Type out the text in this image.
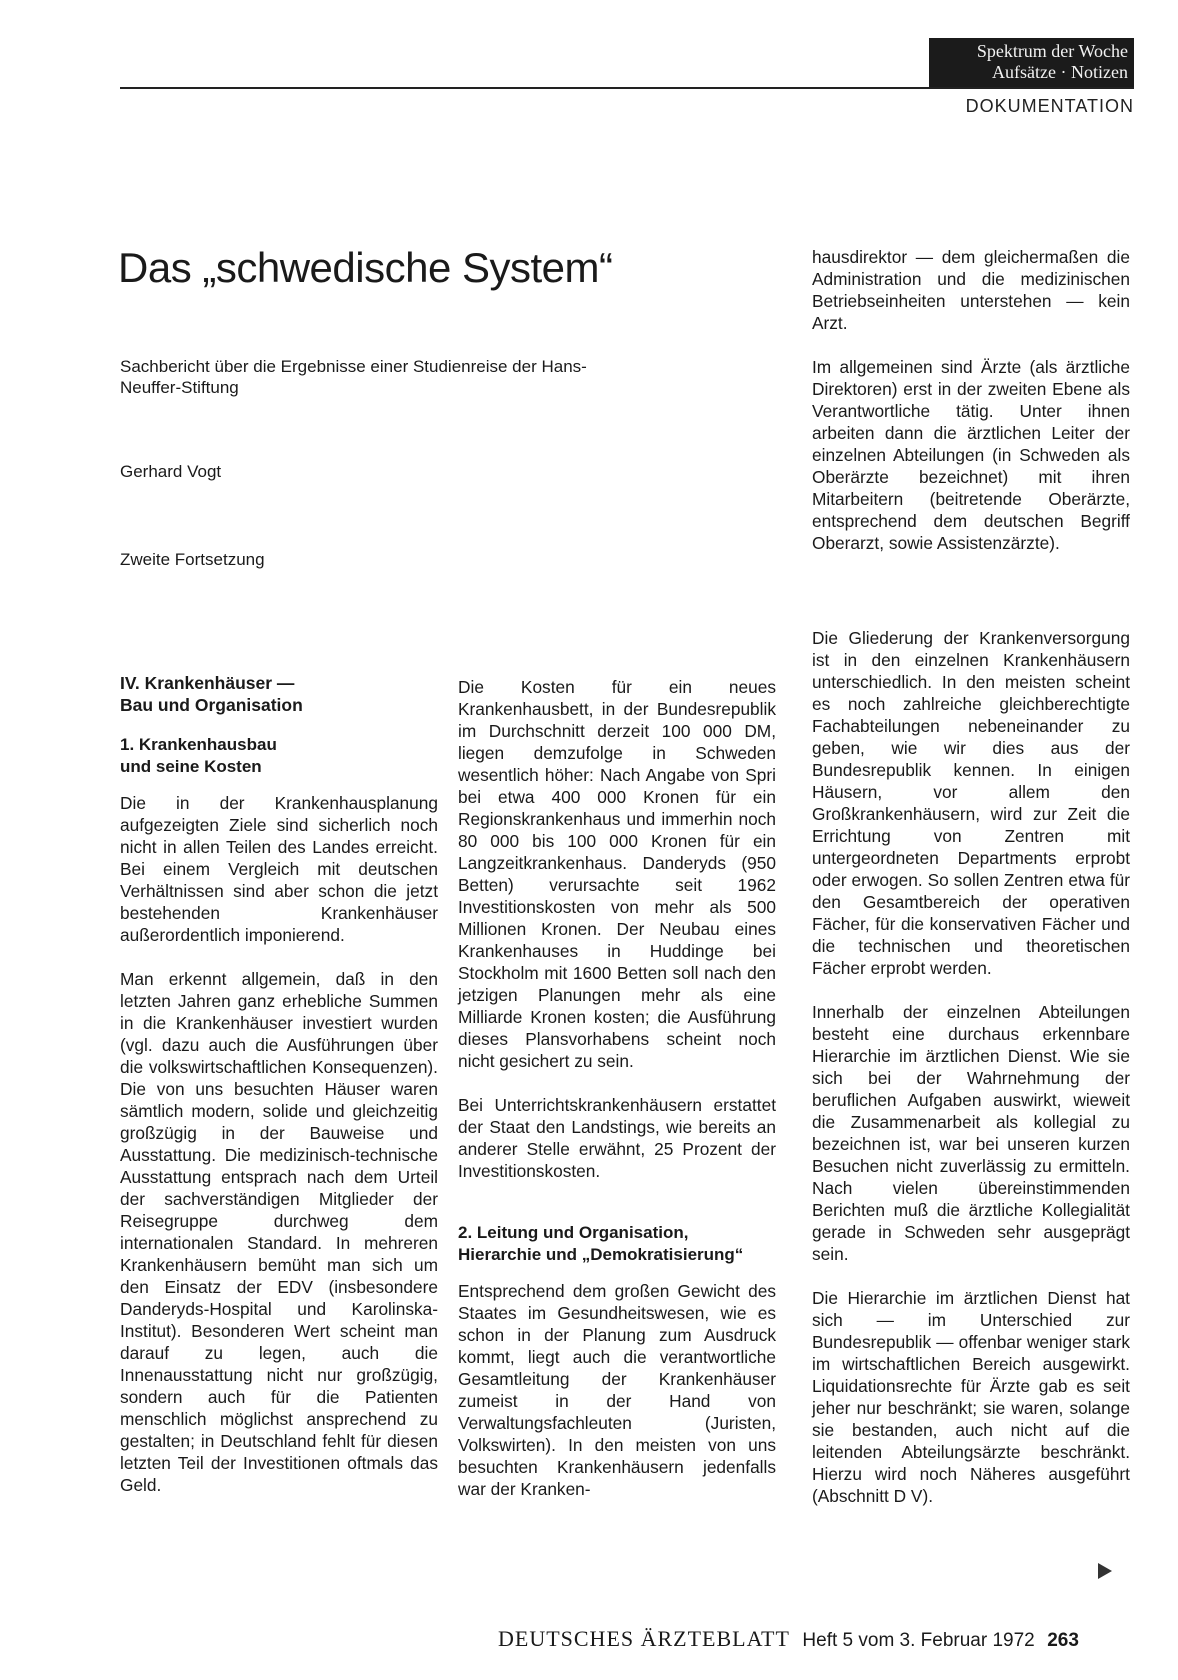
Spektrum der Woche
Aufsätze · Notizen
DOKUMENTATION
Das „schwedische System“
Sachbericht über die Ergebnisse einer Studienreise der Hans-Neuffer-Stiftung
Gerhard Vogt
Zweite Fortsetzung
IV. Krankenhäuser —
Bau und Organisation
1. Krankenhausbau
und seine Kosten

Die in der Krankenhausplanung aufgezeigten Ziele sind sicherlich noch nicht in allen Teilen des Landes erreicht. Bei einem Vergleich mit deutschen Verhältnissen sind aber schon die jetzt bestehenden Krankenhäuser außerordentlich imponierend.

Man erkennt allgemein, daß in den letzten Jahren ganz erhebliche Summen in die Krankenhäuser investiert wurden (vgl. dazu auch die Ausführungen über die volkswirtschaftlichen Konsequenzen). Die von uns besuchten Häuser waren sämtlich modern, solide und gleichzeitig großzügig in der Bauweise und Ausstattung. Die medizinisch-technische Ausstattung entsprach nach dem Urteil der sachverständigen Mitglieder der Reisegruppe durchweg dem internationalen Standard. In mehreren Krankenhäusern bemüht man sich um den Einsatz der EDV (insbesondere Danderyds-Hospital und Karolinska-Institut). Besonderen Wert scheint man darauf zu legen, auch die Innenausstattung nicht nur großzügig, sondern auch für die Patienten menschlich möglichst ansprechend zu gestalten; in Deutschland fehlt für diesen letzten Teil der Investitionen oftmals das Geld.

Die Kosten für ein neues Krankenhausbett, in der Bundesrepublik im Durchschnitt derzeit 100 000 DM, liegen demzufolge in Schweden wesentlich höher: Nach Angabe von Spri bei etwa 400 000 Kronen für ein Regionskrankenhaus und immerhin noch 80 000 bis 100 000 Kronen für ein Langzeitkrankenhaus. Danderyds (950 Betten) verursachte seit 1962 Investitionskosten von mehr als 500 Millionen Kronen. Der Neubau eines Krankenhauses in Huddinge bei Stockholm mit 1600 Betten soll nach den jetzigen Planungen mehr als eine Milliarde Kronen kosten; die Ausführung dieses Plansvorhabens scheint noch nicht gesichert zu sein.

Bei Unterrichtskrankenhäusern erstattet der Staat den Landstings, wie bereits an anderer Stelle erwähnt, 25 Prozent der Investitionskosten.

2. Leitung und Organisation,
Hierarchie und „Demokratisierung“

Entsprechend dem großen Gewicht des Staates im Gesundheitswesen, wie es schon in der Planung zum Ausdruck kommt, liegt auch die verantwortliche Gesamtleitung der Krankenhäuser zumeist in der Hand von Verwaltungsfachleuten (Juristen, Volkswirten). In den meisten von uns besuchten Krankenhäusern jedenfalls war der Kranken-

hausdirektor — dem gleichermaßen die Administration und die medizinischen Betriebseinheiten unterstehen — kein Arzt.

Im allgemeinen sind Ärzte (als ärztliche Direktoren) erst in der zweiten Ebene als Verantwortliche tätig. Unter ihnen arbeiten dann die ärztlichen Leiter der einzelnen Abteilungen (in Schweden als Oberärzte bezeichnet) mit ihren Mitarbeitern (beitretende Oberärzte, entsprechend dem deutschen Begriff Oberarzt, sowie Assistenzärzte).

Die Gliederung der Krankenversorgung ist in den einzelnen Krankenhäusern unterschiedlich. In den meisten scheint es noch zahlreiche gleichberechtigte Fachabteilungen nebeneinander zu geben, wie wir dies aus der Bundesrepublik kennen. In einigen Häusern, vor allem den Großkrankenhäusern, wird zur Zeit die Errichtung von Zentren mit untergeordneten Departments erprobt oder erwogen. So sollen Zentren etwa für den Gesamtbereich der operativen Fächer, für die konservativen Fächer und die technischen und theoretischen Fächer erprobt werden.

Innerhalb der einzelnen Abteilungen besteht eine durchaus erkennbare Hierarchie im ärztlichen Dienst. Wie sie sich bei der Wahrnehmung der beruflichen Aufgaben auswirkt, wieweit die Zusammenarbeit als kollegial zu bezeichnen ist, war bei unseren kurzen Besuchen nicht zuverlässig zu ermitteln. Nach vielen übereinstimmenden Berichten muß die ärztliche Kollegialität gerade in Schweden sehr ausgeprägt sein.

Die Hierarchie im ärztlichen Dienst hat sich — im Unterschied zur Bundesrepublik — offenbar weniger stark im wirtschaftlichen Bereich ausgewirkt. Liquidationsrechte für Ärzte gab es seit jeher nur beschränkt; sie waren, solange sie bestanden, auch nicht auf die leitenden Abteilungsärzte beschränkt. Hierzu wird noch Näheres ausgeführt (Abschnitt D V).

DEUTSCHES ÄRZTEBLATT Heft 5 vom 3. Februar 1972 263
